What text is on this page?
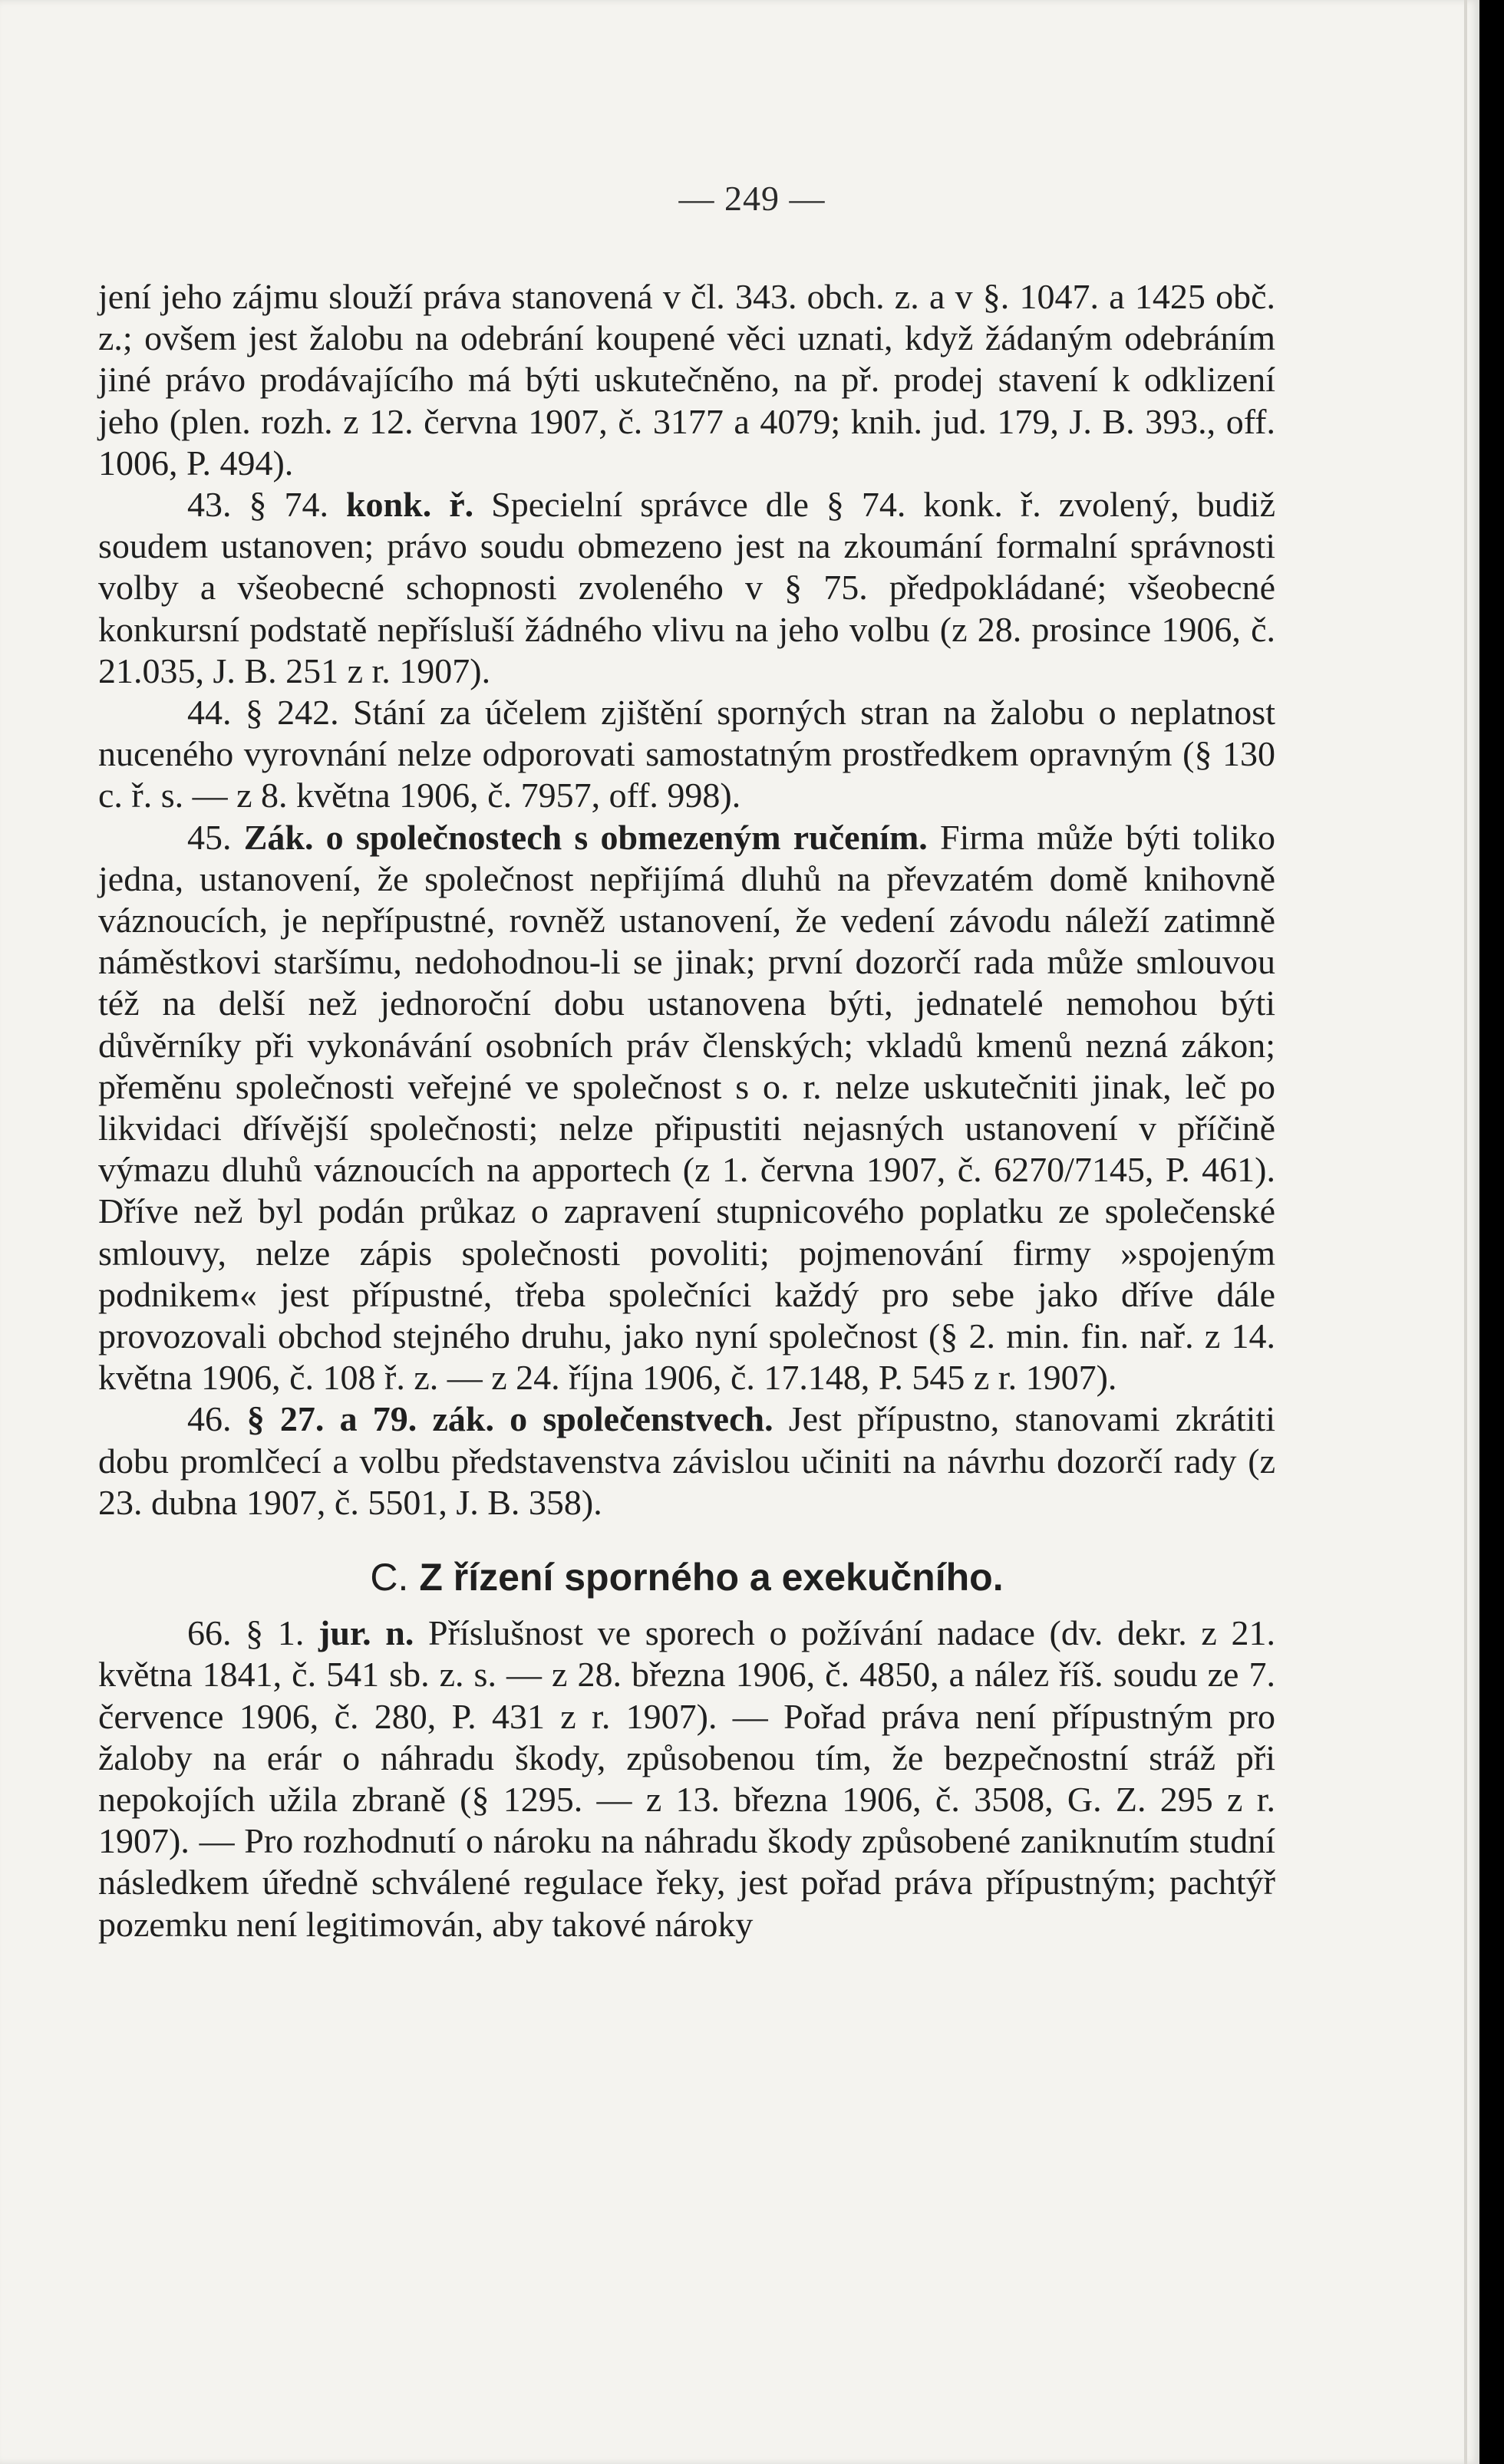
— 249 —

jení jeho zájmu slouží práva stanovená v čl. 343. obch. z. a v §. 1047. a 1425 obč. z.; ovšem jest žalobu na odebrání koupené věci uznati, když žádaným odebráním jiné právo prodávajícího má býti uskutečněno, na př. prodej stavení k odklizení jeho (plen. rozh. z 12. června 1907, č. 3177 a 4079; knih. jud. 179, J. B. 393., off. 1006, P. 494).

43. § 74. konk. ř. Specielní správce dle § 74. konk. ř. zvolený, budiž soudem ustanoven; právo soudu obmezeno jest na zkoumání formalní správnosti volby a všeobecné schopnosti zvoleného v § 75. předpokládané; všeobecné konkursní podstatě nepřísluší žádného vlivu na jeho volbu (z 28. prosince 1906, č. 21.035, J. B. 251 z r. 1907).

44. § 242. Stání za účelem zjištění sporných stran na žalobu o neplatnost nuceného vyrovnání nelze odporovati samostatným prostředkem opravným (§ 130 c. ř. s. — z 8. května 1906, č. 7957, off. 998).

45. Zák. o společnostech s obmezeným ručením. Firma může býti toliko jedna, ustanovení, že společnost nepřijímá dluhů na převzatém domě knihovně váznoucích, je nepřípustné, rovněž ustanovení, že vedení závodu náleží zatimně náměstkovi staršímu, nedohodnou-li se jinak; první dozorčí rada může smlouvou též na delší než jednoroční dobu ustanovena býti, jednatelé nemohou býti důvěrníky při vykonávání osobních práv členských; vkladů kmenů nezná zákon; přeměnu společnosti veřejné ve společnost s o. r. nelze uskutečniti jinak, leč po likvidaci dřívější společnosti; nelze připustiti nejasných ustanovení v příčině výmazu dluhů váznoucích na apportech (z 1. června 1907, č. 6270/7145, P. 461). Dříve než byl podán průkaz o zapravení stupnicového poplatku ze společenské smlouvy, nelze zápis společnosti povoliti; pojmenování firmy »spojeným podnikem« jest přípustné, třeba společníci každý pro sebe jako dříve dále provozovali obchod stejného druhu, jako nyní společnost (§ 2. min. fin. nař. z 14. května 1906, č. 108 ř. z. — z 24. října 1906, č. 17.148, P. 545 z r. 1907).

46. § 27. a 79. zák. o společenstvech. Jest přípustno, stanovami zkrátiti dobu promlčecí a volbu představenstva závislou učiniti na návrhu dozorčí rady (z 23. dubna 1907, č. 5501, J. B. 358).

C. Z řízení sporného a exekučního.

66. § 1. jur. n. Příslušnost ve sporech o požívání nadace (dv. dekr. z 21. května 1841, č. 541 sb. z. s. — z 28. března 1906, č. 4850, a nález říš. soudu ze 7. července 1906, č. 280, P. 431 z r. 1907). — Pořad práva není přípustným pro žaloby na erár o náhradu škody, způsobenou tím, že bezpečnostní stráž při nepokojích užila zbraně (§ 1295. — z 13. března 1906, č. 3508, G. Z. 295 z r. 1907). — Pro rozhodnutí o nároku na náhradu škody způsobené zaniknutím studní následkem úředně schválené regulace řeky, jest pořad práva přípustným; pachtýř pozemku není legitimován, aby takové nároky
